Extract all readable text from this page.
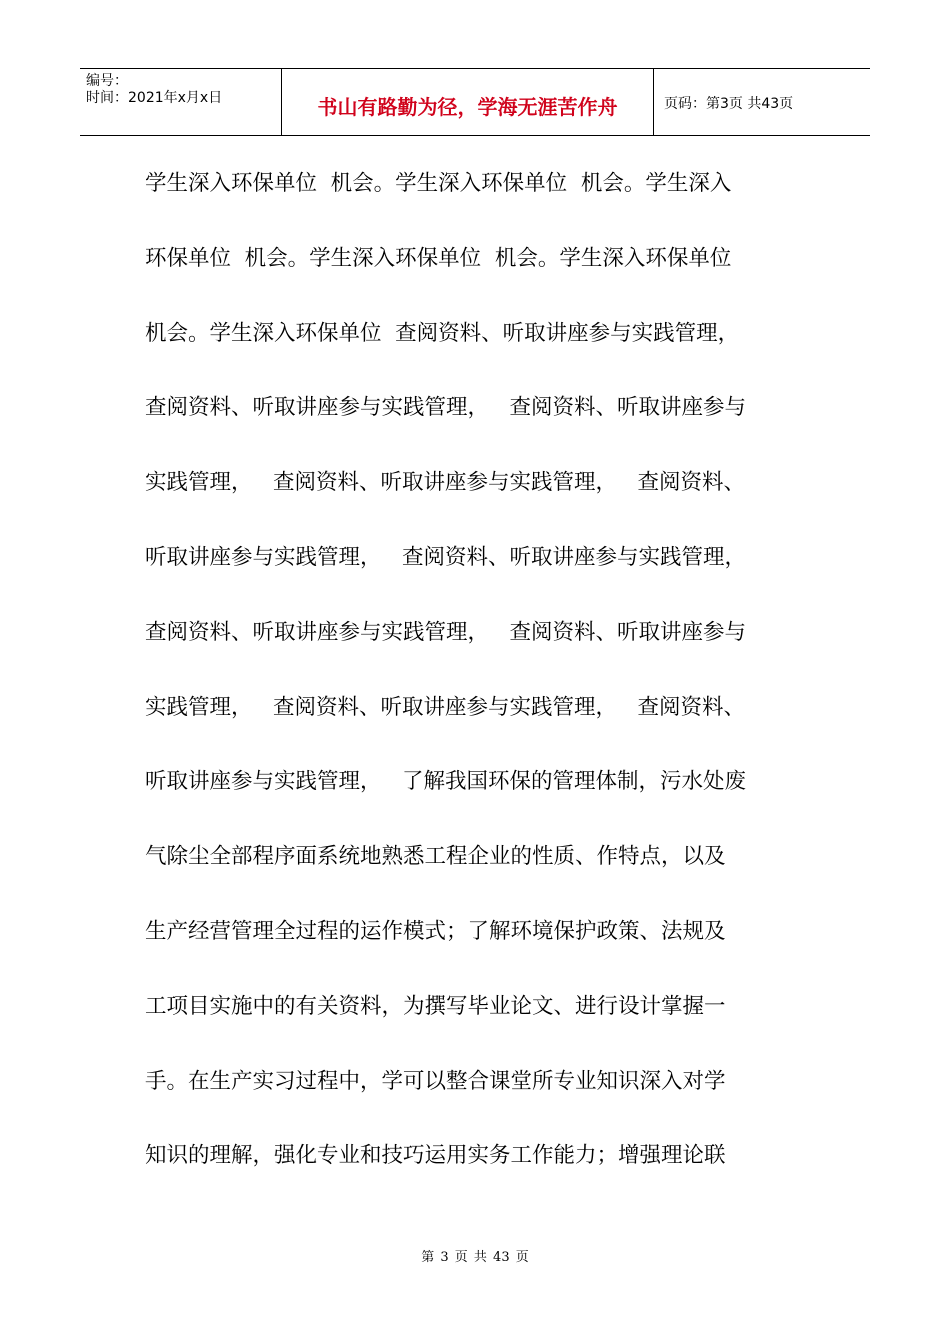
编号：
时间：2021年x月x日	书山有路勤为径，学海无涯苦作舟	页码：第3页 共43页
学生深入环保单位  机会。学生深入环保单位  机会。学生深入
环保单位  机会。学生深入环保单位  机会。学生深入环保单位
机会。学生深入环保单位  查阅资料、听取讲座参与实践管理，
查阅资料、听取讲座参与实践管理，   查阅资料、听取讲座参与
实践管理，   查阅资料、听取讲座参与实践管理，   查阅资料、
听取讲座参与实践管理，   查阅资料、听取讲座参与实践管理，
查阅资料、听取讲座参与实践管理，   查阅资料、听取讲座参与
实践管理，   查阅资料、听取讲座参与实践管理，   查阅资料、
听取讲座参与实践管理，   了解我国环保的管理体制，污水处废
气除尘全部程序面系统地熟悉工程企业的性质、作特点，以及
生产经营管理全过程的运作模式；了解环境保护政策、法规及
工项目实施中的有关资料，为撰写毕业论文、进行设计掌握一
手。在生产实习过程中，学可以整合课堂所专业知识深入对学
知识的理解，强化专业和技巧运用实务工作能力；增强理论联
第 3 页 共 43 页
